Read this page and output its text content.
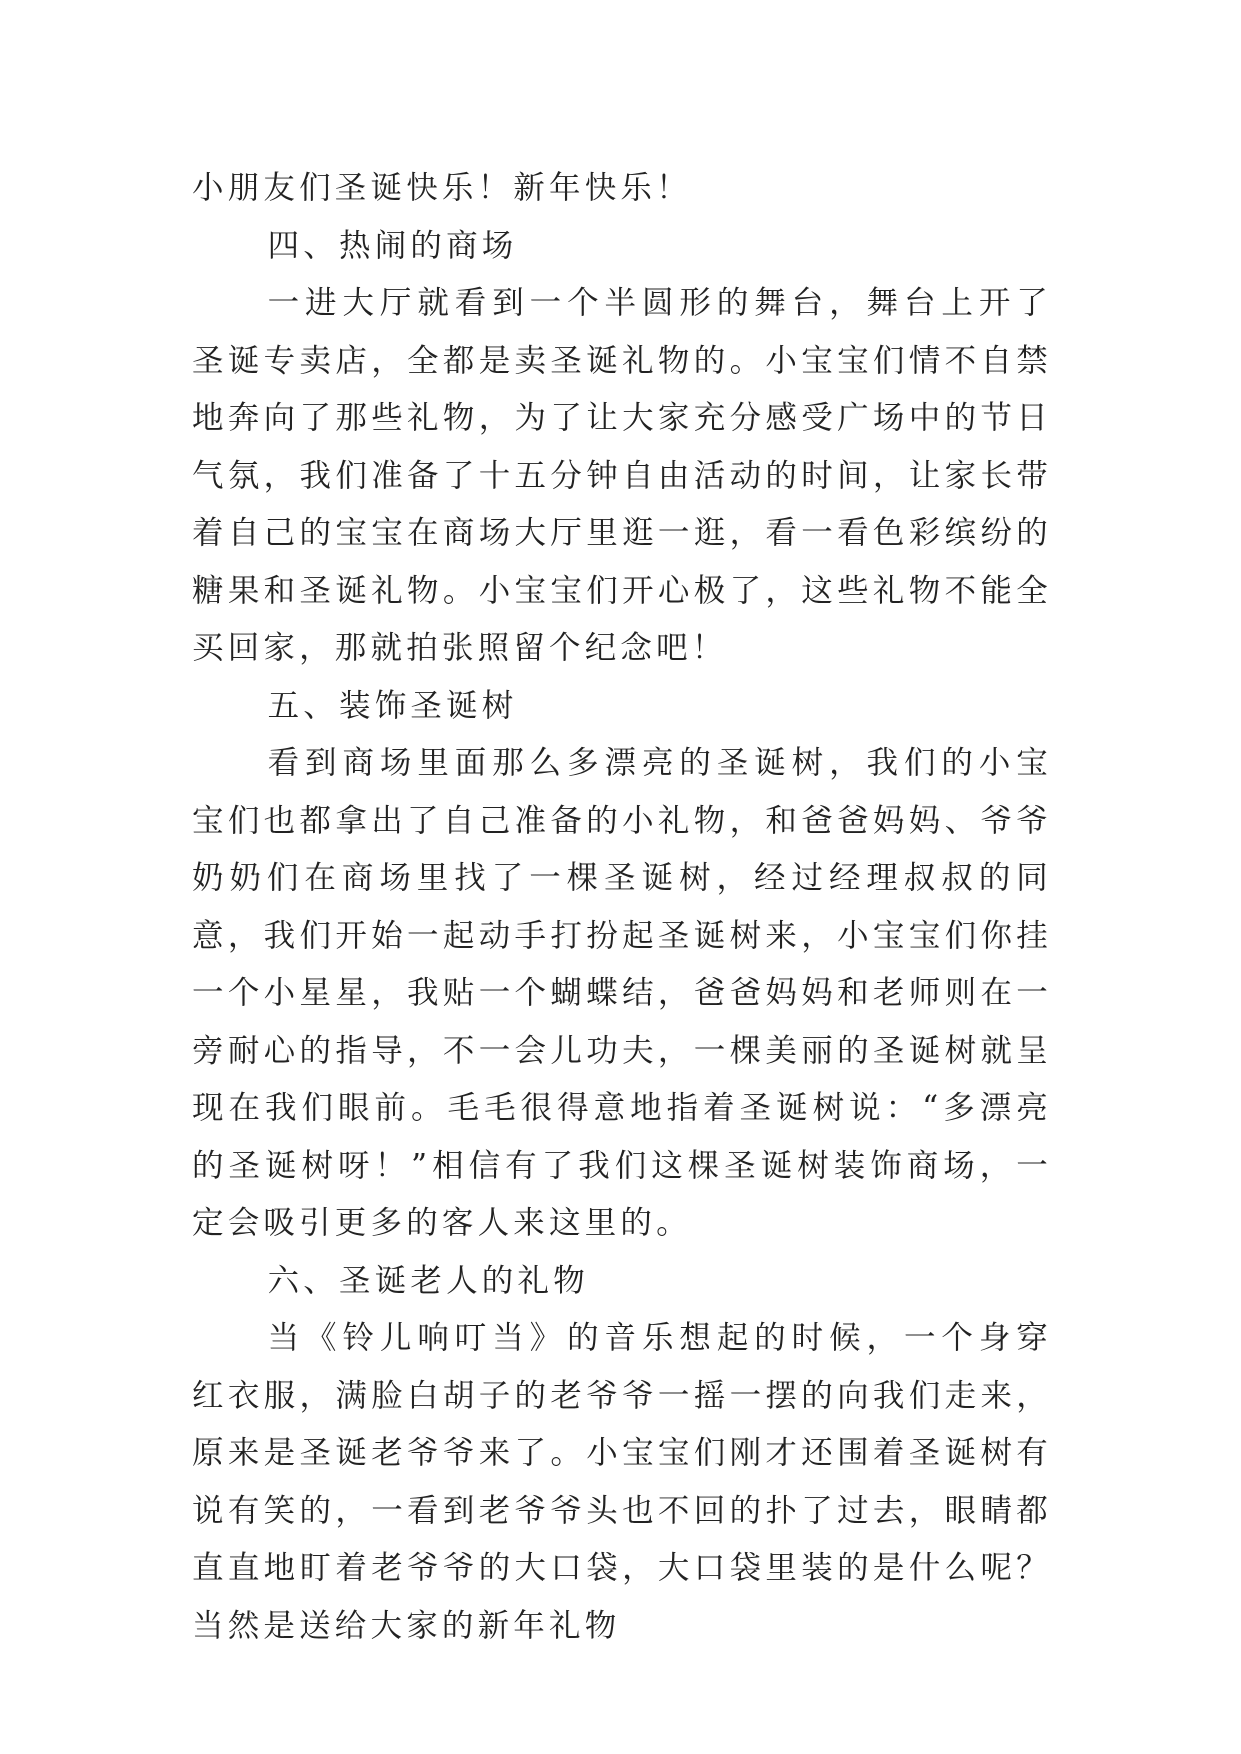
小朋友们圣诞快乐！新年快乐！

四、热闹的商场

一进大厅就看到一个半圆形的舞台，舞台上开了圣诞专卖店，全都是卖圣诞礼物的。小宝宝们情不自禁地奔向了那些礼物，为了让大家充分感受广场中的节日气氛，我们准备了十五分钟自由活动的时间，让家长带着自己的宝宝在商场大厅里逛一逛，看一看色彩缤纷的糖果和圣诞礼物。小宝宝们开心极了，这些礼物不能全买回家，那就拍张照留个纪念吧！

五、装饰圣诞树

看到商场里面那么多漂亮的圣诞树，我们的小宝宝们也都拿出了自己准备的小礼物，和爸爸妈妈、爷爷奶奶们在商场里找了一棵圣诞树，经过经理叔叔的同意，我们开始一起动手打扮起圣诞树来，小宝宝们你挂一个小星星，我贴一个蝴蝶结，爸爸妈妈和老师则在一旁耐心的指导，不一会儿功夫，一棵美丽的圣诞树就呈现在我们眼前。毛毛很得意地指着圣诞树说：“多漂亮的圣诞树呀！”相信有了我们这棵圣诞树装饰商场，一定会吸引更多的客人来这里的。

六、圣诞老人的礼物

当《铃儿响叮当》的音乐想起的时候，一个身穿红衣服，满脸白胡子的老爷爷一摇一摆的向我们走来，原来是圣诞老爷爷来了。小宝宝们刚才还围着圣诞树有说有笑的，一看到老爷爷头也不回的扑了过去，眼睛都直直地盯着老爷爷的大口袋，大口袋里装的是什么呢？当然是送给大家的新年礼物
